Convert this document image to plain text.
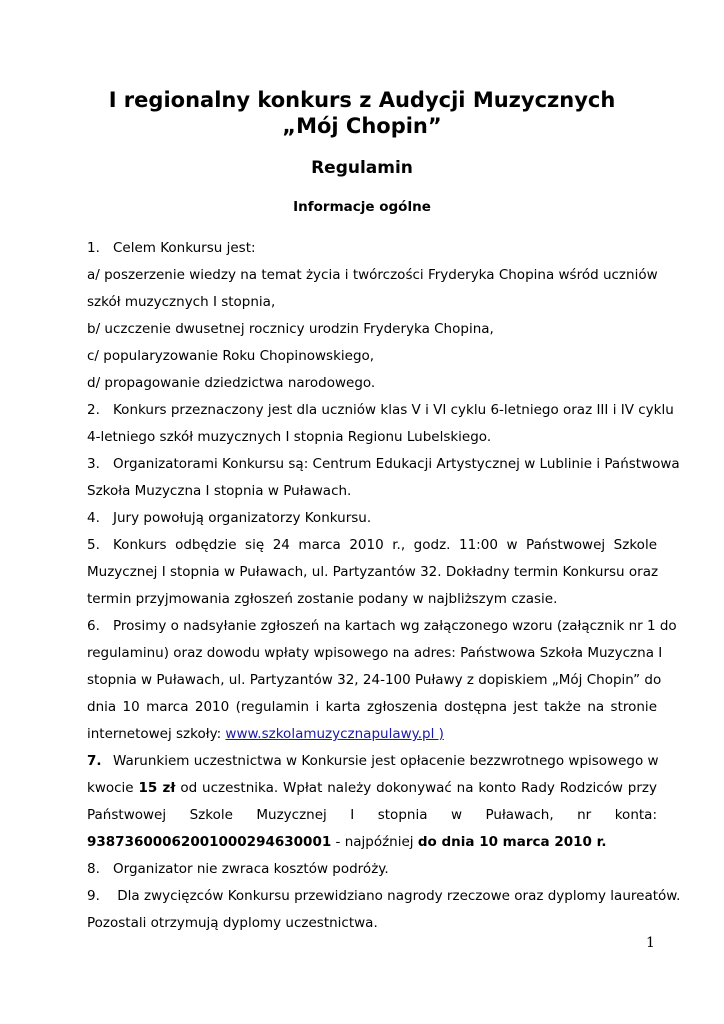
I regionalny konkurs z Audycji Muzycznych
„Mój Chopin”
Regulamin
Informacje ogólne
1. Celem Konkursu jest:
a/ poszerzenie wiedzy na temat życia i twórczości Fryderyka Chopina wśród uczniów
szkół muzycznych I stopnia,
b/ uczczenie dwusetnej rocznicy urodzin Fryderyka Chopina,
c/ popularyzowanie Roku Chopinowskiego,
d/ propagowanie dziedzictwa narodowego.
2. Konkurs przeznaczony jest dla uczniów klas V i VI cyklu 6-letniego oraz III i IV cyklu
4-letniego szkół muzycznych I stopnia Regionu Lubelskiego.
3. Organizatorami Konkursu są: Centrum Edukacji Artystycznej w Lublinie i Państwowa
Szkoła Muzyczna I stopnia w Puławach.
4. Jury powołują organizatorzy Konkursu.
5. Konkurs odbędzie się 24 marca 2010 r., godz. 11:00 w Państwowej Szkole
Muzycznej I stopnia w Puławach, ul. Partyzantów 32. Dokładny termin Konkursu oraz
termin przyjmowania zgłoszeń zostanie podany w najbliższym czasie.
6. Prosimy o nadsyłanie zgłoszeń na kartach wg załączonego wzoru (załącznik nr 1 do
regulaminu) oraz dowodu wpłaty wpisowego na adres: Państwowa Szkoła Muzyczna I
stopnia w Puławach, ul. Partyzantów 32, 24-100 Puławy z dopiskiem „Mój Chopin” do
dnia 10 marca 2010 (regulamin i karta zgłoszenia dostępna jest także na stronie
internetowej szkoły: www.szkolamuzycznapulawy.pl )
7. Warunkiem uczestnictwa w Konkursie jest opłacenie bezzwrotnego wpisowego w
kwocie 15 zł od uczestnika. Wpłat należy dokonywać na konto Rady Rodziców przy
Państwowej Szkole Muzycznej I stopnia w Puławach, nr konta:
93873600062001000294630001 - najpóźniej do dnia 10 marca 2010 r.
8. Organizator nie zwraca kosztów podróży.
9. Dla zwycięzców Konkursu przewidziano nagrody rzeczowe oraz dyplomy laureatów.
Pozostali otrzymują dyplomy uczestnictwa.
1
